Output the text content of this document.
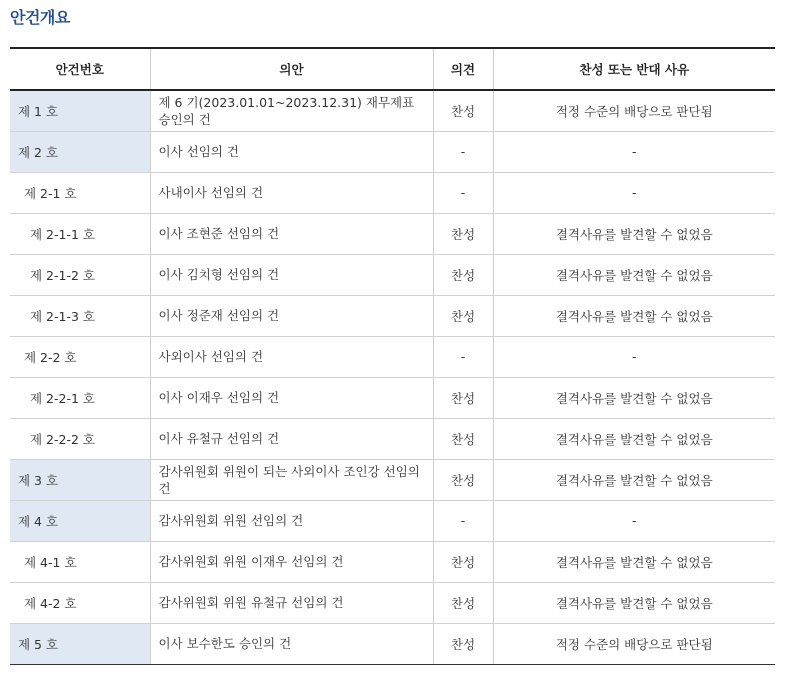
안건개요
안건번호	의안	의견	찬성 또는 반대 사유
제 1 호	제 6 기(2023.01.01~2023.12.31) 재무제표 승인의 건	찬성	적정 수준의 배당으로 판단됨
제 2 호	이사 선임의 건	-	-
제 2-1 호	사내이사 선임의 건	-	-
제 2-1-1 호	이사 조현준 선임의 건	찬성	결격사유를 발견할 수 없었음
제 2-1-2 호	이사 김치형 선임의 건	찬성	결격사유를 발견할 수 없었음
제 2-1-3 호	이사 정준재 선임의 건	찬성	결격사유를 발견할 수 없었음
제 2-2 호	사외이사 선임의 건	-	-
제 2-2-1 호	이사 이재우 선임의 건	찬성	결격사유를 발견할 수 없었음
제 2-2-2 호	이사 유철규 선임의 건	찬성	결격사유를 발견할 수 없었음
제 3 호	감사위원회 위원이 되는 사외이사 조인강 선임의 건	찬성	결격사유를 발견할 수 없었음
제 4 호	감사위원회 위원 선임의 건	-	-
제 4-1 호	감사위원회 위원 이재우 선임의 건	찬성	결격사유를 발견할 수 없었음
제 4-2 호	감사위원회 위원 유철규 선임의 건	찬성	결격사유를 발견할 수 없었음
제 5 호	이사 보수한도 승인의 건	찬성	적정 수준의 배당으로 판단됨
